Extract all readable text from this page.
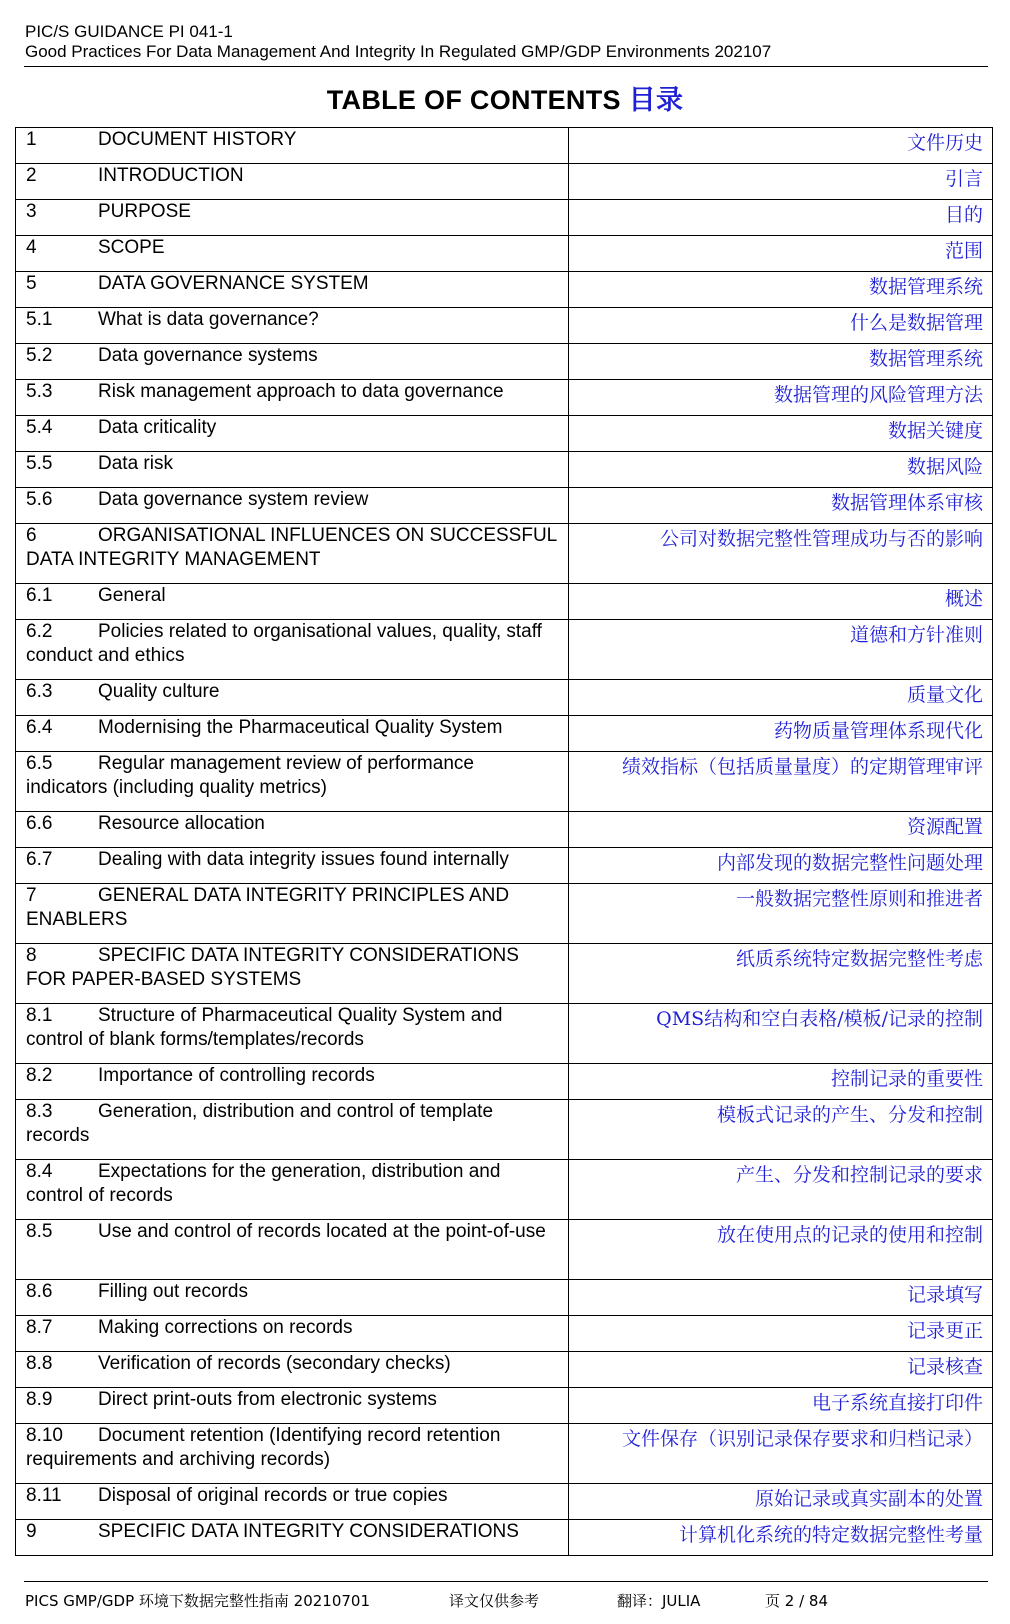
PIC/S GUIDANCE PI 041-1
Good Practices For Data Management And Integrity In Regulated GMP/GDP Environments 202107
TABLE OF CONTENTS 目录
1 DOCUMENT HISTORY	文件历史
2 INTRODUCTION	引言
3 PURPOSE	目的
4 SCOPE	范围
5 DATA GOVERNANCE SYSTEM	数据管理系统
5.1 What is data governance?	什么是数据管理
5.2 Data governance systems	数据管理系统
5.3 Risk management approach to data governance	数据管理的风险管理方法
5.4 Data criticality	数据关键度
5.5 Data risk	数据风险
5.6 Data governance system review	数据管理体系审核
6 ORGANISATIONAL INFLUENCES ON SUCCESSFUL DATA INTEGRITY MANAGEMENT	公司对数据完整性管理成功与否的影响
6.1 General	概述
6.2 Policies related to organisational values, quality, staff conduct and ethics	道德和方针准则
6.3 Quality culture	质量文化
6.4 Modernising the Pharmaceutical Quality System	药物质量管理体系现代化
6.5 Regular management review of performance indicators (including quality metrics)	绩效指标（包括质量量度）的定期管理审评
6.6 Resource allocation	资源配置
6.7 Dealing with data integrity issues found internally	内部发现的数据完整性问题处理
7 GENERAL DATA INTEGRITY PRINCIPLES AND ENABLERS	一般数据完整性原则和推进者
8 SPECIFIC DATA INTEGRITY CONSIDERATIONS FOR PAPER-BASED SYSTEMS	纸质系统特定数据完整性考虑
8.1 Structure of Pharmaceutical Quality System and control of blank forms/templates/records	QMS结构和空白表格/模板/记录的控制
8.2 Importance of controlling records	控制记录的重要性
8.3 Generation, distribution and control of template records	模板式记录的产生、分发和控制
8.4 Expectations for the generation, distribution and control of records	产生、分发和控制记录的要求
8.5 Use and control of records located at the point-of-use	放在使用点的记录的使用和控制
8.6 Filling out records	记录填写
8.7 Making corrections on records	记录更正
8.8 Verification of records (secondary checks)	记录核查
8.9 Direct print-outs from electronic systems	电子系统直接打印件
8.10 Document retention (Identifying record retention requirements and archiving records)	文件保存（识别记录保存要求和归档记录）
8.11 Disposal of original records or true copies	原始记录或真实副本的处置
9 SPECIFIC DATA INTEGRITY CONSIDERATIONS	计算机化系统的特定数据完整性考量
PICS GMP/GDP 环境下数据完整性指南 20210701	译文仅供参考	翻译：JULIA	页 2 / 84
